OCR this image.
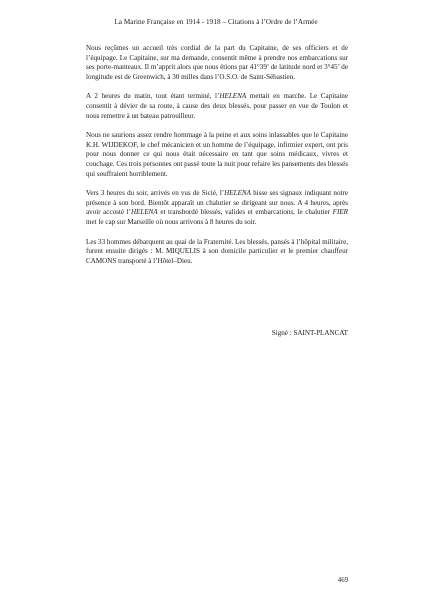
La Marine Française en 1914 - 1918 – Citations à l’Ordre de l’Armée

Nous reçûmes un accueil très cordial de la part du Capitaine, de ses officiers et de l’équipage. Le Capitaine, sur ma demande, consentit même à prendre nos embarcations sur ses porte-manteaux. Il m’apprit alors que nous étions par 41°39’ de latitude nord et 3°45’ de longitude est de Greenwich, à 30 milles dans l’O.S.O. de Saint-Sébastien.

A 2 heures du matin, tout étant terminé, l’HELENA mettait en marche. Le Capitaine consentit à dévier de sa route, à cause des deux blessés, pour passer en vue de Toulon et nous remettre à un bateau patrouilleur.

Nous ne saurions assez rendre hommage à la peine et aux soins inlassables que le Capitaine K.H. WIJDEKOF, le chef mécanicien et un homme de l’équipage, infirmier expert, ont pris pour nous donner ce qui nous était nécessaire en tant que soins médicaux, vivres et couchage. Ces trois personnes ont passé toute la nuit pour refaire les pansements des blessés qui souffraient horriblement.

Vers 3 heures du soir, arrivés en vus de Sicié, l’HELENA hisse ses signaux indiquant notre présence à son bord. Bientôt apparaît un chalutier se dirigeant sur nous. A 4 heures, après avoir accosté l’HELENA et transbordé blessés, valides et embarcations, le chalutier FIER met le cap sur Marseille où nous arrivons à 8 heures du soir.

Les 33 hommes débarquent au quai de la Fraternité. Les blessés, pansés à l’hôpital militaire, furent ensuite dirigés : M. MIQUELIS à son domicile particulier et le premier chauffeur CAMONS transporté à l’Hôtel–Dieu.

Signé : SAINT-PLANCAT
469
